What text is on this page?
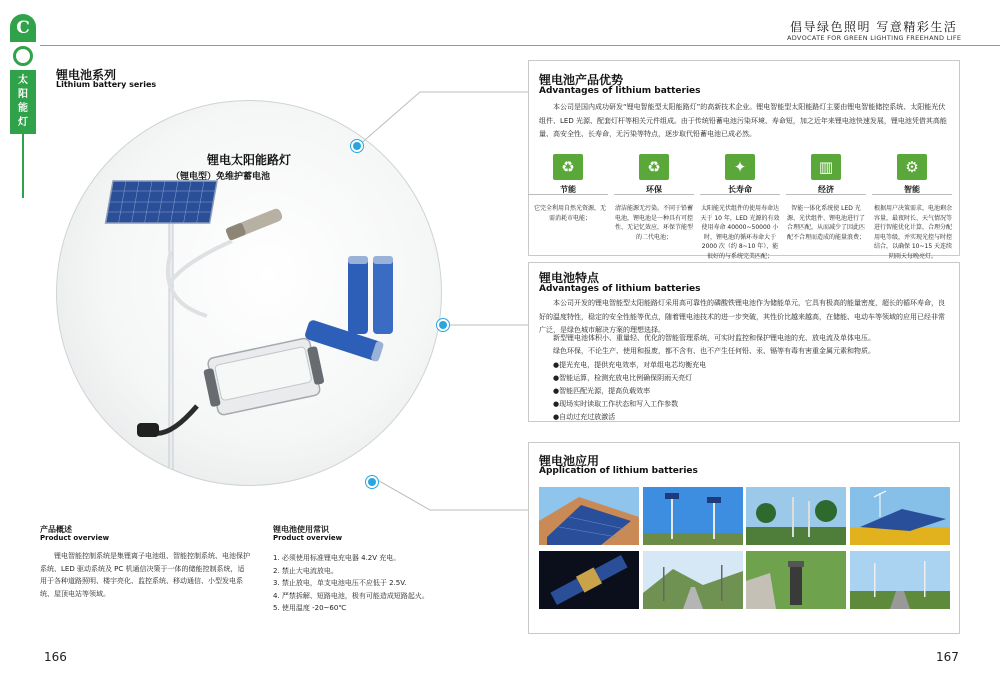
倡导绿色照明 写意精彩生活
ADVOCATE FOR GREEN LIGHTING FREEHAND LIFE
C
太
阳
能
灯
锂电池系列
Lithium battery series
锂电太阳能路灯
（锂电型）免维护蓄电池
锂电池产品优势
Advantages of lithium batteries
本公司是国内成功研发“锂电智能型太阳能路灯”的高新技术企业。锂电智能型太阳能路灯主要由锂电智能储控系统、太阳能光伏组件、LED 光源、配套灯杆等相关元件组成。由于传统铅蓄电池污染环境、寿命短，加之近年来锂电池快速发展，锂电池凭借其高能量、高安全性、长寿命，无污染等特点，逐步取代铅蓄电池已成必然。
♻
节能
它完全利用自然光资源，无需消耗市电能；
♻
环保
清洁能源无污染。不同于铅蓄电池，锂电池是一种具有可控性、无记忆效应，环保节能型的二代电池；
✦
长寿命
太阳能光伏组件的使用寿命达天于 10 年，LED 光源的有效使用寿命 40000~50000 小时，锂电池的循环寿命大于 2000 次（约 8~10 年），能很好的与系统完美匹配；
▥
经济
智能一体化系统使 LED 光源、光伏组件、锂电池进行了合理匹配，从而减少了因此匹配不合理而造成的能量浪费；
⚙
智能
根据用户决策需求，电池剩余容量，最夜时长、天气情况等进行智能优化计算，合理分配用电等级，并实现光控与时控结合，以确保 10~15 天连续阴雨天每晚亮灯。
锂电池特点
Advantages of lithium batteries
本公司开发的锂电智能型太阳能路灯采用高可靠性的磷酸铁锂电池作为储能单元，它具有极高的能量密度，超长的循环寿命，良好的温度特性，稳定的安全性能等优点，随着锂电池技术的进一步突破，其性价比越来越高，在储能、电动车等领域的应用已经非常广泛，是绿色城市解决方案的理想选择。
新型锂电池体积小、重量轻、优化的智能管理系统，可实时监控和保护锂电池的充、放电流及单体电压。
绿色环保，不论生产、使用和报废，都不含有、也不产生任何铅、汞、镉等有毒有害重金属元素和物质。
●提光充电，提供充电效率，对单组电芯均衡充电
●智能运算，检测充放电比例确保阴雨天亮灯
●智能匹配光源，提高负载效率
●现场实时读取工作状态和写入工作参数
●自动过充过放激活
锂电池应用
Application of lithium batteries
产品概述
Product overview
锂电智能控制系统是集锂离子电池组、智能控制系统、电池保护系统、LED 驱动系统及 PC 机通信决策于一体的储能控制系统，适用于各种道路照明、楼宇亮化、监控系统、移动通信、小型发电系统、屋顶电站等领域。
锂电池使用常识
Product overview
1. 必须使用标准锂电充电器 4.2V 充电。
2. 禁止大电流放电。
3. 禁止放电，单支电池电压不应低于 2.5V.
4. 严禁拆解、短路电池，极有可能造成短路起火。
5. 使用温度 -20~60℃
166	167
